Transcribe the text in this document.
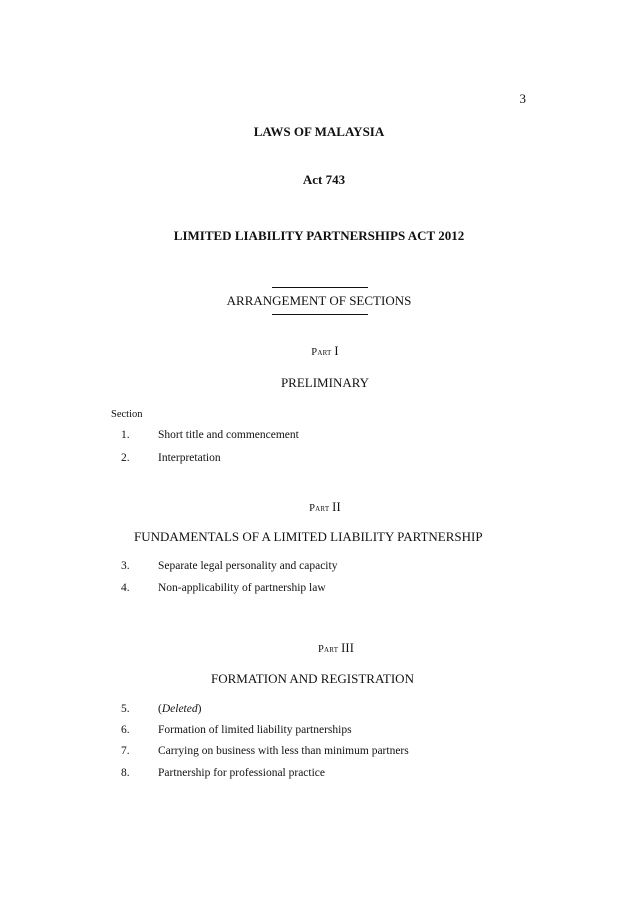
3
LAWS OF MALAYSIA
Act 743
LIMITED LIABILITY PARTNERSHIPS ACT 2012
ARRANGEMENT OF SECTIONS
Part I
PRELIMINARY
Section
1.	Short title and commencement
2.	Interpretation
Part II
FUNDAMENTALS OF A LIMITED LIABILITY PARTNERSHIP
3.	Separate legal personality and capacity
4.	Non-applicability of partnership law
Part III
FORMATION AND REGISTRATION
5.	(Deleted)
6.	Formation of limited liability partnerships
7.	Carrying on business with less than minimum partners
8.	Partnership for professional practice
